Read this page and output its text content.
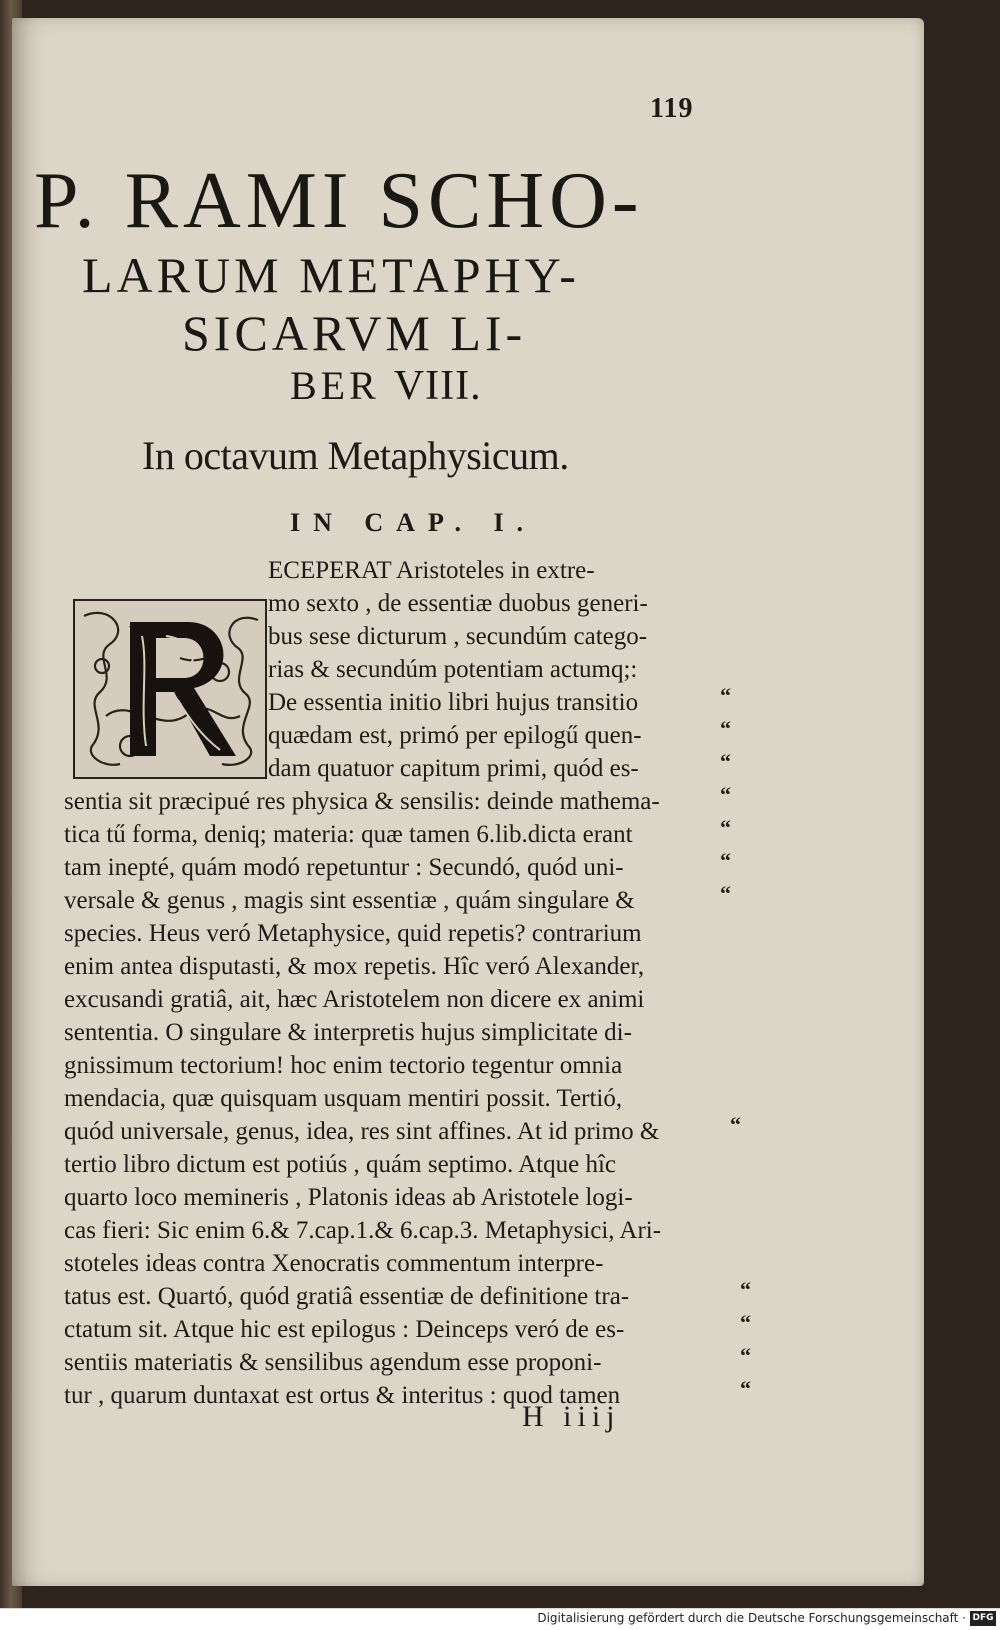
119
P. RAMI SCHO-
LARUM METAPHY-
SICARVM LI-
BER VIII.
In octavum Metaphysicum.
IN CAP. I.
ECEPERAT Aristoteles in extre-
mo sexto , de essentiæ duobus generi-
bus sese dicturum , secundúm catego-
rias & secundúm potentiam actumq;:
De essentia initio libri hujus transitio
quædam est, primó per epilogű quen-
dam quatuor capitum primi, quód es-
sentia sit præcipué res physica & sensilis: deinde mathema-
tica tű forma, deniq; materia: quæ tamen 6.lib.dicta erant
tam inepté, quám modó repetuntur : Secundó, quód uni-
versale & genus , magis sint essentiæ , quám singulare &
species. Heus veró Metaphysice, quid repetis? contrarium
enim antea disputasti, & mox repetis. Hîc veró Alexander,
excusandi gratiâ, ait, hæc Aristotelem non dicere ex animi
sententia. O singulare & interpretis hujus simplicitate di-
gnissimum tectorium! hoc enim tectorio tegentur omnia
mendacia, quæ quisquam usquam mentiri possit. Tertió,
quód universale, genus, idea, res sint affines. At id primo &
tertio libro dictum est potiús , quám septimo. Atque hîc
quarto loco memineris , Platonis ideas ab Aristotele logi-
cas fieri: Sic enim 6.& 7.cap.1.& 6.cap.3. Metaphysici, Ari-
stoteles ideas contra Xenocratis commentum interpre-
tatus est. Quartó, quód gratiâ essentiæ de definitione tra-
ctatum sit. Atque hic est epilogus : Deinceps veró de es-
sentiis materiatis & sensilibus agendum esse proponi-
tur , quarum duntaxat est ortus & interitus : quod tamen
“
“
“
“
“
“
“
“
“
“
“
“
H iiij
Digitalisierung gefördert durch die Deutsche Forschungsgemeinschaft · DFG
